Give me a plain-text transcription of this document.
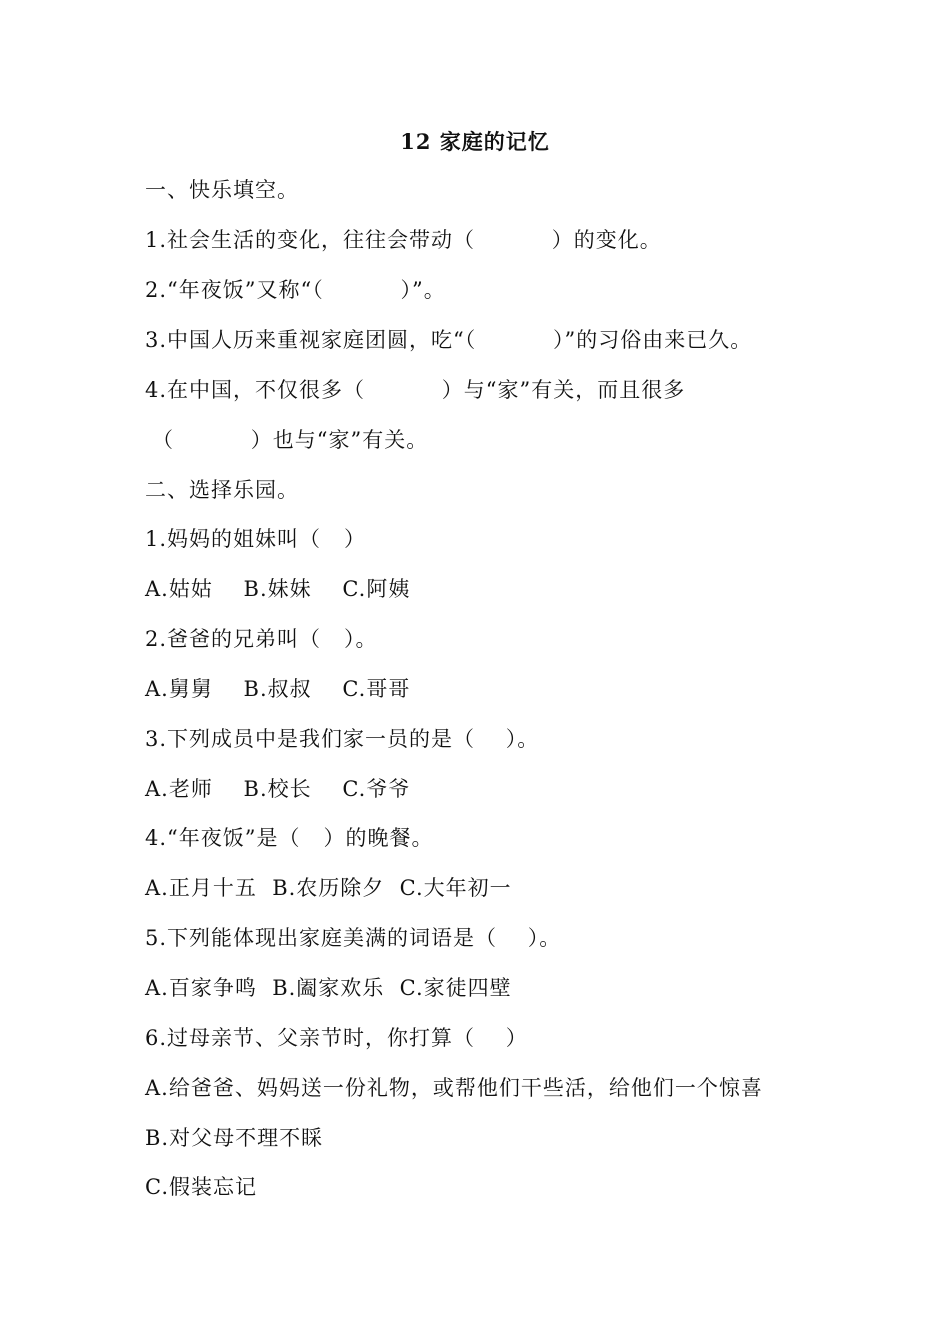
12 家庭的记忆
一、快乐填空。
1.社会生活的变化，往往会带动（          ）的变化。
2.“年夜饭”又称“（          ）”。
3.中国人历来重视家庭团圆，吃“（          ）”的习俗由来已久。
4.在中国，不仅很多（          ）与“家”有关，而且很多
（          ）也与“家”有关。
二、选择乐园。
1.妈妈的姐妹叫（   ）
A.姑姑    B.妹妹    C.阿姨
2.爸爸的兄弟叫（   ）。
A.舅舅    B.叔叔    C.哥哥
3.下列成员中是我们家一员的是（    ）。
A.老师    B.校长    C.爷爷
4.“年夜饭”是（   ）的晚餐。
A.正月十五  B.农历除夕  C.大年初一
5.下列能体现出家庭美满的词语是（    ）。
A.百家争鸣  B.阖家欢乐  C.家徒四壁
6.过母亲节、父亲节时，你打算（    ）
A.给爸爸、妈妈送一份礼物，或帮他们干些活，给他们一个惊喜
B.对父母不理不睬
C.假装忘记
